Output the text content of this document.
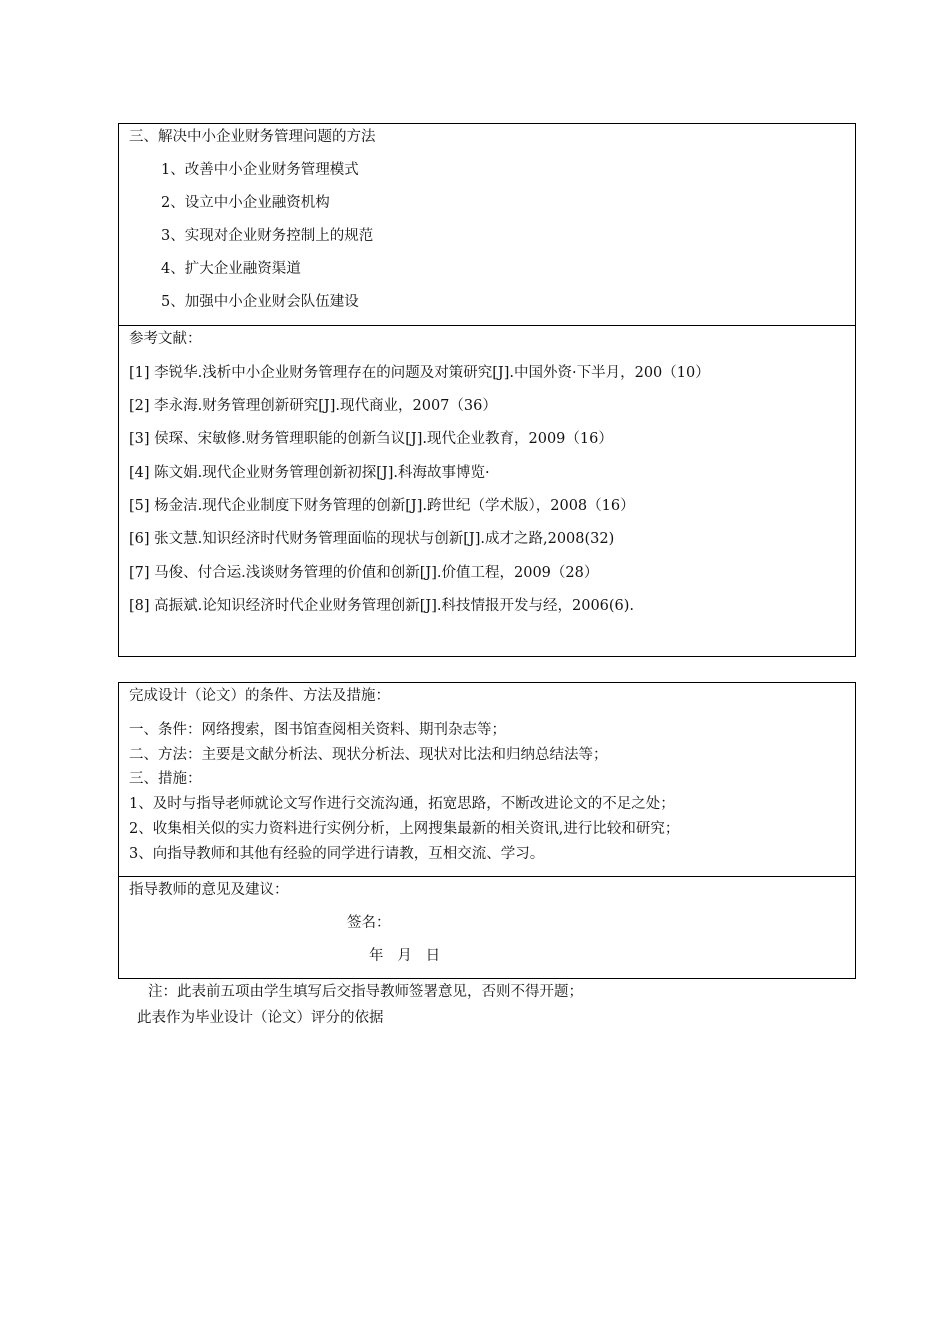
三、解决中小企业财务管理问题的方法
1、改善中小企业财务管理模式
2、设立中小企业融资机构
3、实现对企业财务控制上的规范
4、扩大企业融资渠道
5、加强中小企业财会队伍建设
参考文献：
[1] 李锐华.浅析中小企业财务管理存在的问题及对策研究[J].中国外资·下半月，200（10）
[2] 李永海.财务管理创新研究[J].现代商业，2007（36）
[3] 侯琛、宋敏修.财务管理职能的创新刍议[J].现代企业教育，2009（16）
[4] 陈文娟.现代企业财务管理创新初探[J].科海故事博览·
[5] 杨金洁.现代企业制度下财务管理的创新[J].跨世纪（学术版），2008（16）
[6] 张文慧.知识经济时代财务管理面临的现状与创新[J].成才之路,2008(32)
[7] 马俊、付合运.浅谈财务管理的价值和创新[J].价值工程，2009（28）
[8] 高振斌.论知识经济时代企业财务管理创新[J].科技情报开发与经，2006(6).
完成设计（论文）的条件、方法及措施：
一、条件：网络搜索，图书馆查阅相关资料、期刊杂志等；
二、方法：主要是文献分析法、现状分析法、现状对比法和归纳总结法等；
三、措施：
1、及时与指导老师就论文写作进行交流沟通，拓宽思路，不断改进论文的不足之处；
2、收集相关似的实力资料进行实例分析，上网搜集最新的相关资讯,进行比较和研究；
3、向指导教师和其他有经验的同学进行请教，互相交流、学习。
指导教师的意见及建议：
签名：
年   月   日
注：此表前五项由学生填写后交指导教师签署意见，否则不得开题；
此表作为毕业设计（论文）评分的依据
